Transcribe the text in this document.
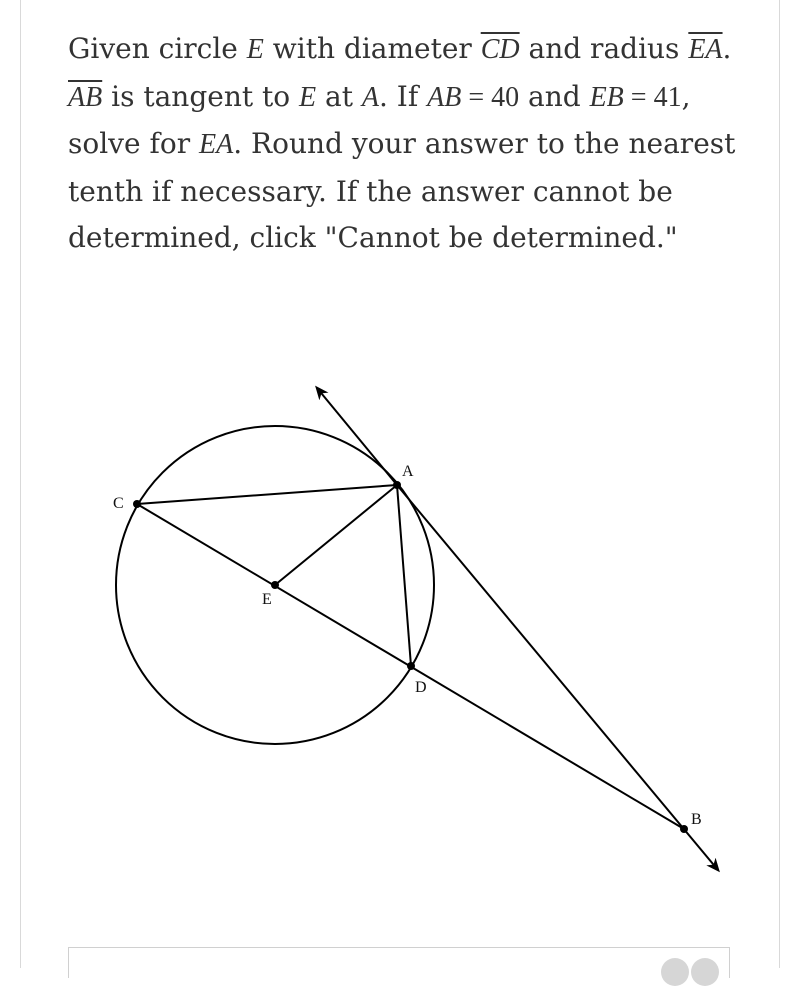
Given circle E with diameter $\overline{CD}$ and radius $\overline{EA}$. $\overline{AB}$ is tangent to E at A. If AB = 40 and EB = 41, solve for EA. Round your answer to the nearest tenth if necessary. If the answer cannot be determined, click "Cannot be determined."
A
C
E
D
B
